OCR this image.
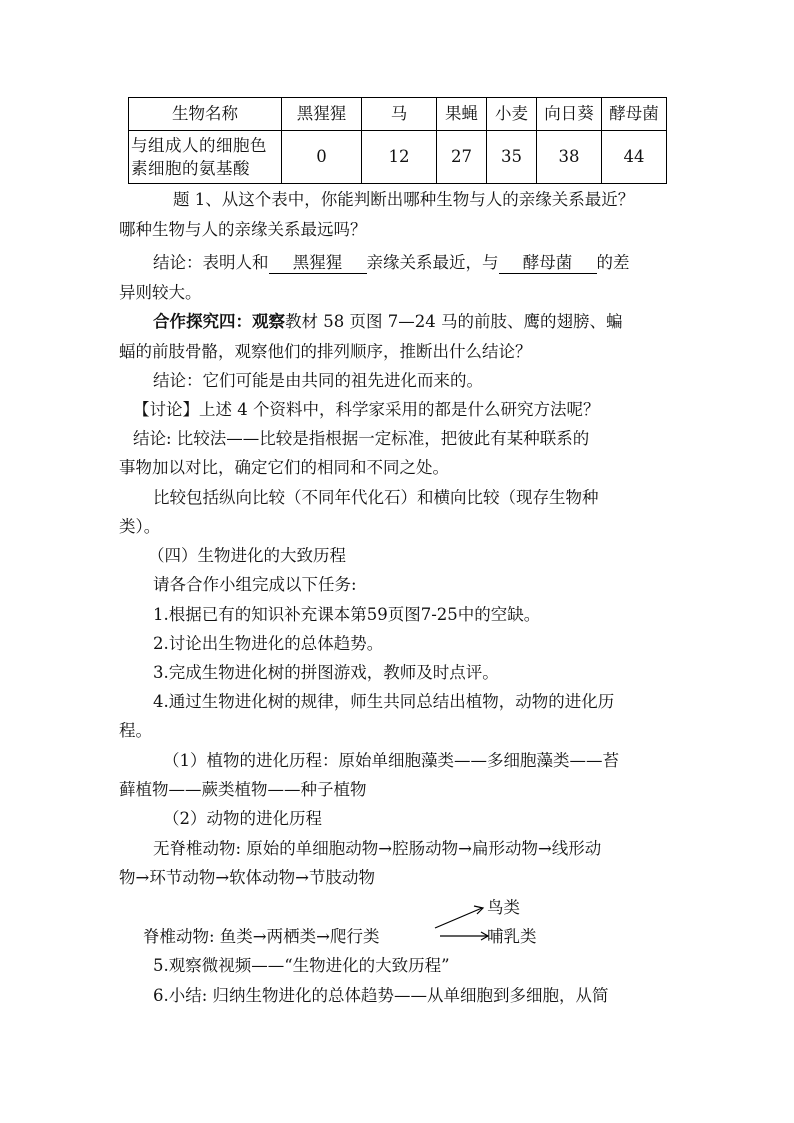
生物名称	黑猩猩	马	果蝇	小麦	向日葵	酵母菌
与组成人的细胞色
素细胞的氨基酸	0	12	27	35	38	44
题 1、从这个表中，你能判断出哪种生物与人的亲缘关系最近？
哪种生物与人的亲缘关系最远吗？
结论：表明人和 黑猩猩 亲缘关系最近，与 酵母菌 的差
异则较大。
合作探究四：观察教材 58 页图 7—24 马的前肢、鹰的翅膀、蝙
蝠的前肢骨骼，观察他们的排列顺序，推断出什么结论？
结论：它们可能是由共同的祖先进化而来的。
【讨论】上述 4 个资料中，科学家采用的都是什么研究方法呢？
结论: 比较法——比较是指根据一定标准，把彼此有某种联系的
事物加以对比，确定它们的相同和不同之处。
比较包括纵向比较（不同年代化石）和横向比较（现存生物种
类）。
（四）生物进化的大致历程
请各合作小组完成以下任务:
1.根据已有的知识补充课本第59页图7-25中的空缺。
2.讨论出生物进化的总体趋势。
3.完成生物进化树的拼图游戏，教师及时点评。
4.通过生物进化树的规律，师生共同总结出植物，动物的进化历
程。
（1）植物的进化历程：原始单细胞藻类——多细胞藻类——苔
藓植物——蕨类植物——种子植物
（2）动物的进化历程
无脊椎动物: 原始的单细胞动物→腔肠动物→扁形动物→线形动
物→环节动物→软体动物→节肢动物
鸟类
脊椎动物: 鱼类→两栖类→爬行类	哺乳类
5.观察微视频——“生物进化的大致历程”
6.小结: 归纳生物进化的总体趋势——从单细胞到多细胞，从简
